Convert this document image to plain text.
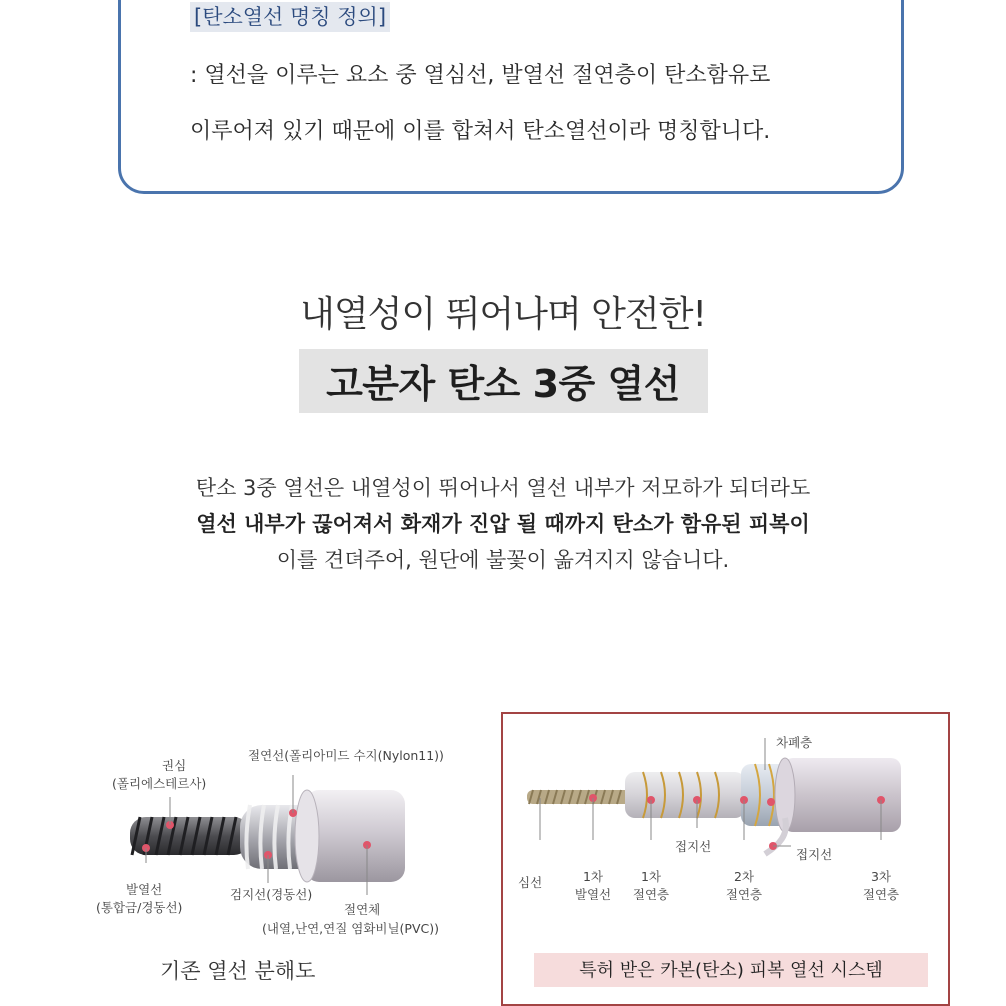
[탄소열선 명칭 정의]
: 열선을 이루는 요소 중 열심선, 발열선 절연층이 탄소함유로
이루어져 있기 때문에 이를 합쳐서 탄소열선이라 명칭합니다.
내열성이 뛰어나며 안전한!
고분자 탄소 3중 열선
탄소 3중 열선은 내열성이 뛰어나서 열선 내부가 저모하가 되더라도
열선 내부가 끊어져서 화재가 진압 될 때까지 탄소가 함유된 피복이
이를 견뎌주어, 원단에 불꽃이 옮겨지지 않습니다.
권심
(폴리에스테르사)
절연선(폴리아미드 수지(Nylon11))
발열선
(통합금/경동선)
검지선(경동선)
절연체
(내열,난연,연질 염화비닐(PVC))
기존 열선 분해도
차폐층
접지선
접지선
심선	1차
발열선
1차
절연층
2차
절연층
3차
절연층
특허 받은 카본(탄소) 피복 열선 시스템
